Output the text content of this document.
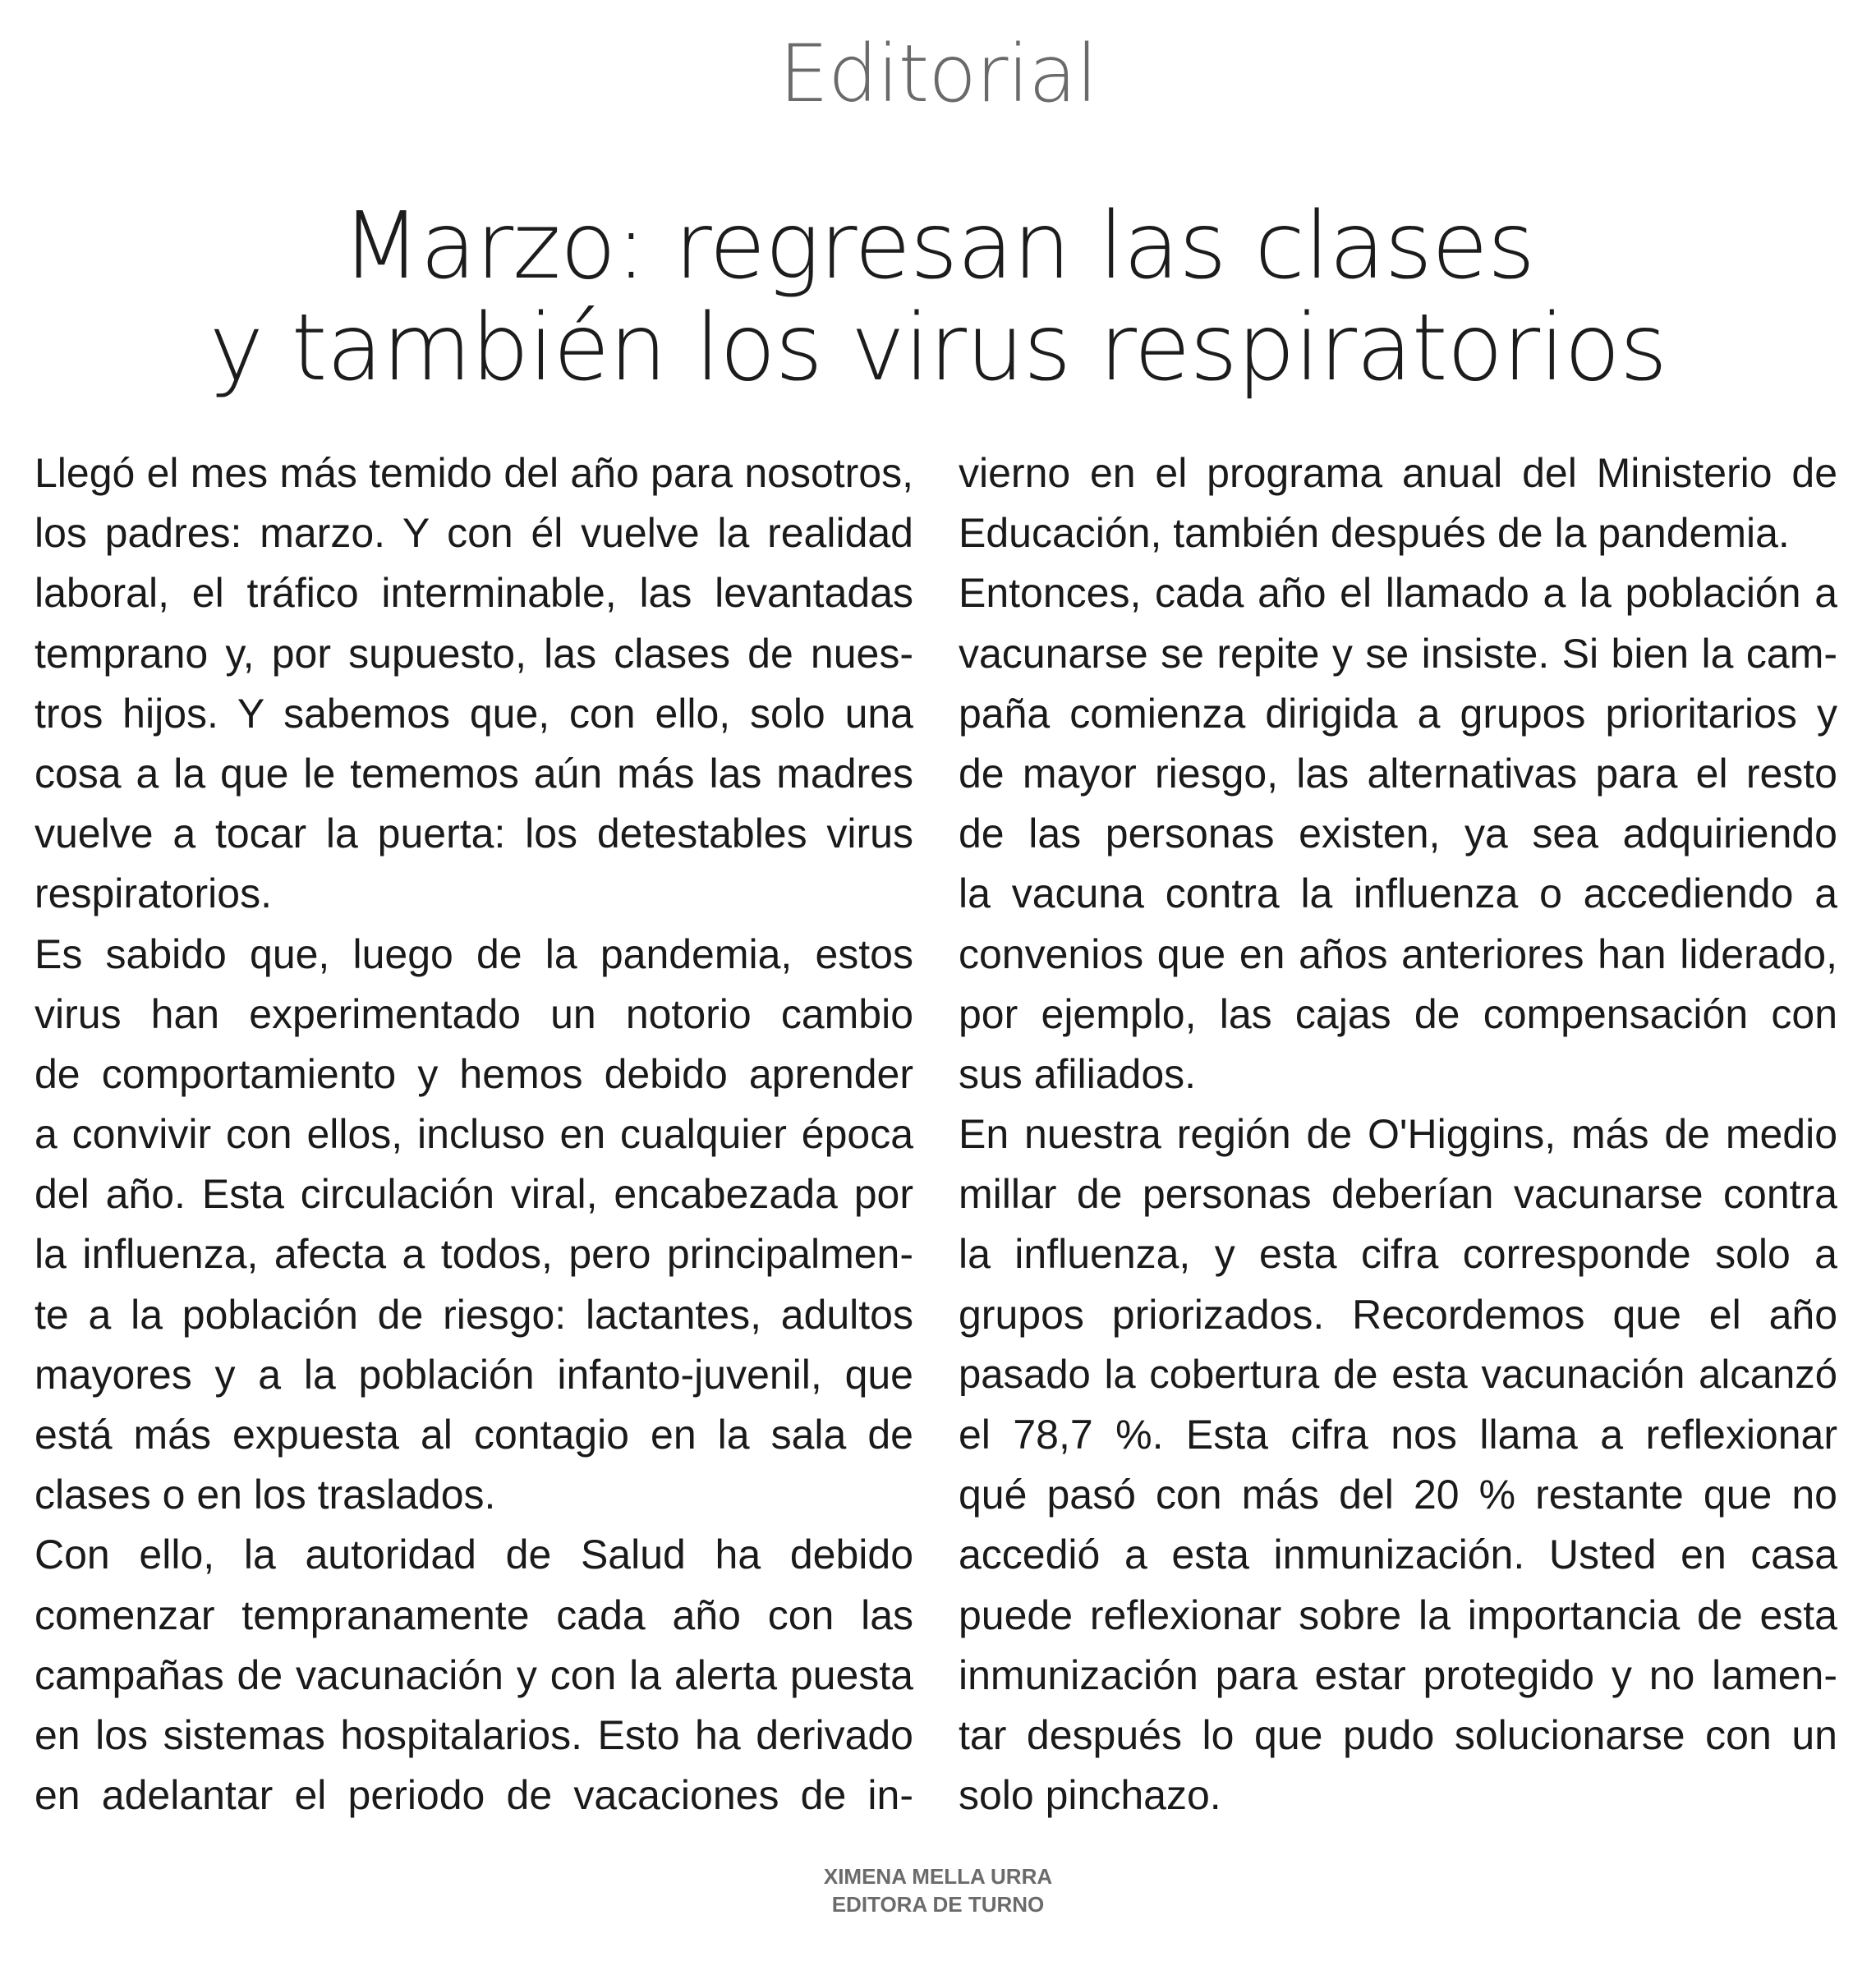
Editorial
Marzo: regresan las clases
y también los virus respiratorios
Llegó el mes más temido del año para nosotros,
los padres: marzo. Y con él vuelve la realidad
laboral, el tráfico interminable, las levantadas
temprano y, por supuesto, las clases de nues-
tros hijos. Y sabemos que, con ello, solo una
cosa a la que le tememos aún más las madres
vuelve a tocar la puerta: los detestables virus
respiratorios.
Es sabido que, luego de la pandemia, estos
virus han experimentado un notorio cambio
de comportamiento y hemos debido aprender
a convivir con ellos, incluso en cualquier época
del año. Esta circulación viral, encabezada por
la influenza, afecta a todos, pero principalmen-
te a la población de riesgo: lactantes, adultos
mayores y a la población infanto-juvenil, que
está más expuesta al contagio en la sala de
clases o en los traslados.
Con ello, la autoridad de Salud ha debido
comenzar tempranamente cada año con las
campañas de vacunación y con la alerta puesta
en los sistemas hospitalarios. Esto ha derivado
en adelantar el periodo de vacaciones de in-
vierno en el programa anual del Ministerio de
Educación, también después de la pandemia.
Entonces, cada año el llamado a la población a
vacunarse se repite y se insiste. Si bien la cam-
paña comienza dirigida a grupos prioritarios y
de mayor riesgo, las alternativas para el resto
de las personas existen, ya sea adquiriendo
la vacuna contra la influenza o accediendo a
convenios que en años anteriores han liderado,
por ejemplo, las cajas de compensación con
sus afiliados.
En nuestra región de O'Higgins, más de medio
millar de personas deberían vacunarse contra
la influenza, y esta cifra corresponde solo a
grupos priorizados. Recordemos que el año
pasado la cobertura de esta vacunación alcanzó
el 78,7 %. Esta cifra nos llama a reflexionar
qué pasó con más del 20 % restante que no
accedió a esta inmunización. Usted en casa
puede reflexionar sobre la importancia de esta
inmunización para estar protegido y no lamen-
tar después lo que pudo solucionarse con un
solo pinchazo.
XIMENA MELLA URRA
EDITORA DE TURNO
